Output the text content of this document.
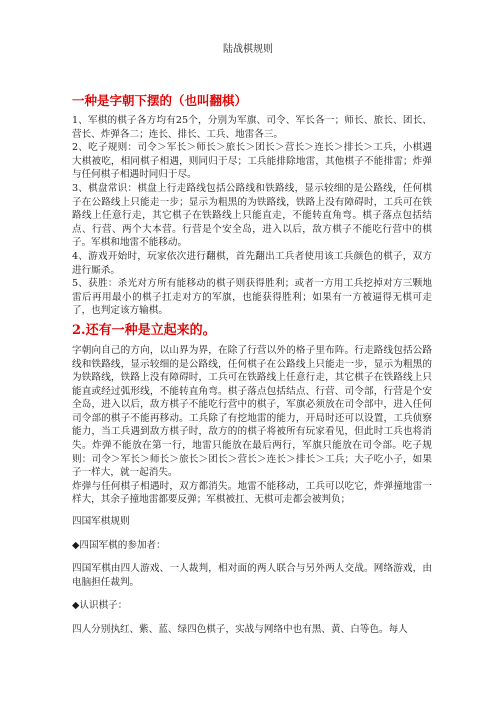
陆战棋规则

一种是字朝下摆的（也叫翻棋）

1、军棋的棋子各方均有25个，分别为军旗、司令、军长各一；师长、旅长、团长、营长、炸弹各二；连长、排长、工兵、地雷各三。

2、吃子规则：司令＞军长＞师长＞旅长＞团长＞营长＞连长＞排长＞工兵，小棋遇大棋被吃，相同棋子相遇，则同归于尽；工兵能排除地雷，其他棋子不能排雷；炸弹与任何棋子相遇时同归于尽。

3、棋盘常识：棋盘上行走路线包括公路线和铁路线，显示较细的是公路线，任何棋子在公路线上只能走一步；显示为粗黑的为铁路线，铁路上没有障碍时，工兵可在铁路线上任意行走，其它棋子在铁路线上只能直走，不能转直角弯。棋子落点包括结点、行营、两个大本营。行营是个安全岛，进入以后，敌方棋子不能吃行营中的棋子。军棋和地雷不能移动。

4、游戏开始时，玩家依次进行翻棋，首先翻出工兵者使用该工兵颜色的棋子，双方进行厮杀。

5、获胜：杀光对方所有能移动的棋子则获得胜利；或者一方用工兵挖掉对方三颗地雷后再用最小的棋子扛走对方的军旗，也能获得胜利；如果有一方被逼得无棋可走了，也判定该方输棋。

2.还有一种是立起来的。

字朝向自己的方向，以山界为界，在除了行营以外的格子里布阵。行走路线包括公路线和铁路线，显示较细的是公路线，任何棋子在公路线上只能走一步，显示为粗黑的为铁路线，铁路上没有障碍时，工兵可在铁路线上任意行走，其它棋子在铁路线上只能直或经过弧形线，不能转直角弯。棋子落点包括结点、行营、司令部，行营是个安全岛，进入以后，敌方棋子不能吃行营中的棋子，军旗必须放在司令部中，进入任何司令部的棋子不能再移动。工兵除了有挖地雷的能力，开局时还可以设置，工兵侦察能力，当工兵遇到敌方棋子时，敌方的的棋子将被所有玩家看见，但此时工兵也将消失。炸弹不能放在第一行，地雷只能放在最后两行，军旗只能放在司令部。吃子规则：司令＞军长＞师长＞旅长＞团长＞营长＞连长＞排长＞工兵；大子吃小子，如果子一样大，就一起消失。

炸弹与任何棋子相遇时，双方都消失。地雷不能移动，工兵可以吃它，炸弹撞地雷一样大，其余子撞地雷都要反弹；军棋被扛、无棋可走都会被判负；

四国军棋规则

◆四国军棋的参加者：

四国军棋由四人游戏、一人裁判，相对面的两人联合与另外两人交战。网络游戏，由电脑担任裁判。

◆认识棋子：

四人分别执红、紫、蓝、绿四色棋子，实战与网络中也有黑、黄、白等色。每人
